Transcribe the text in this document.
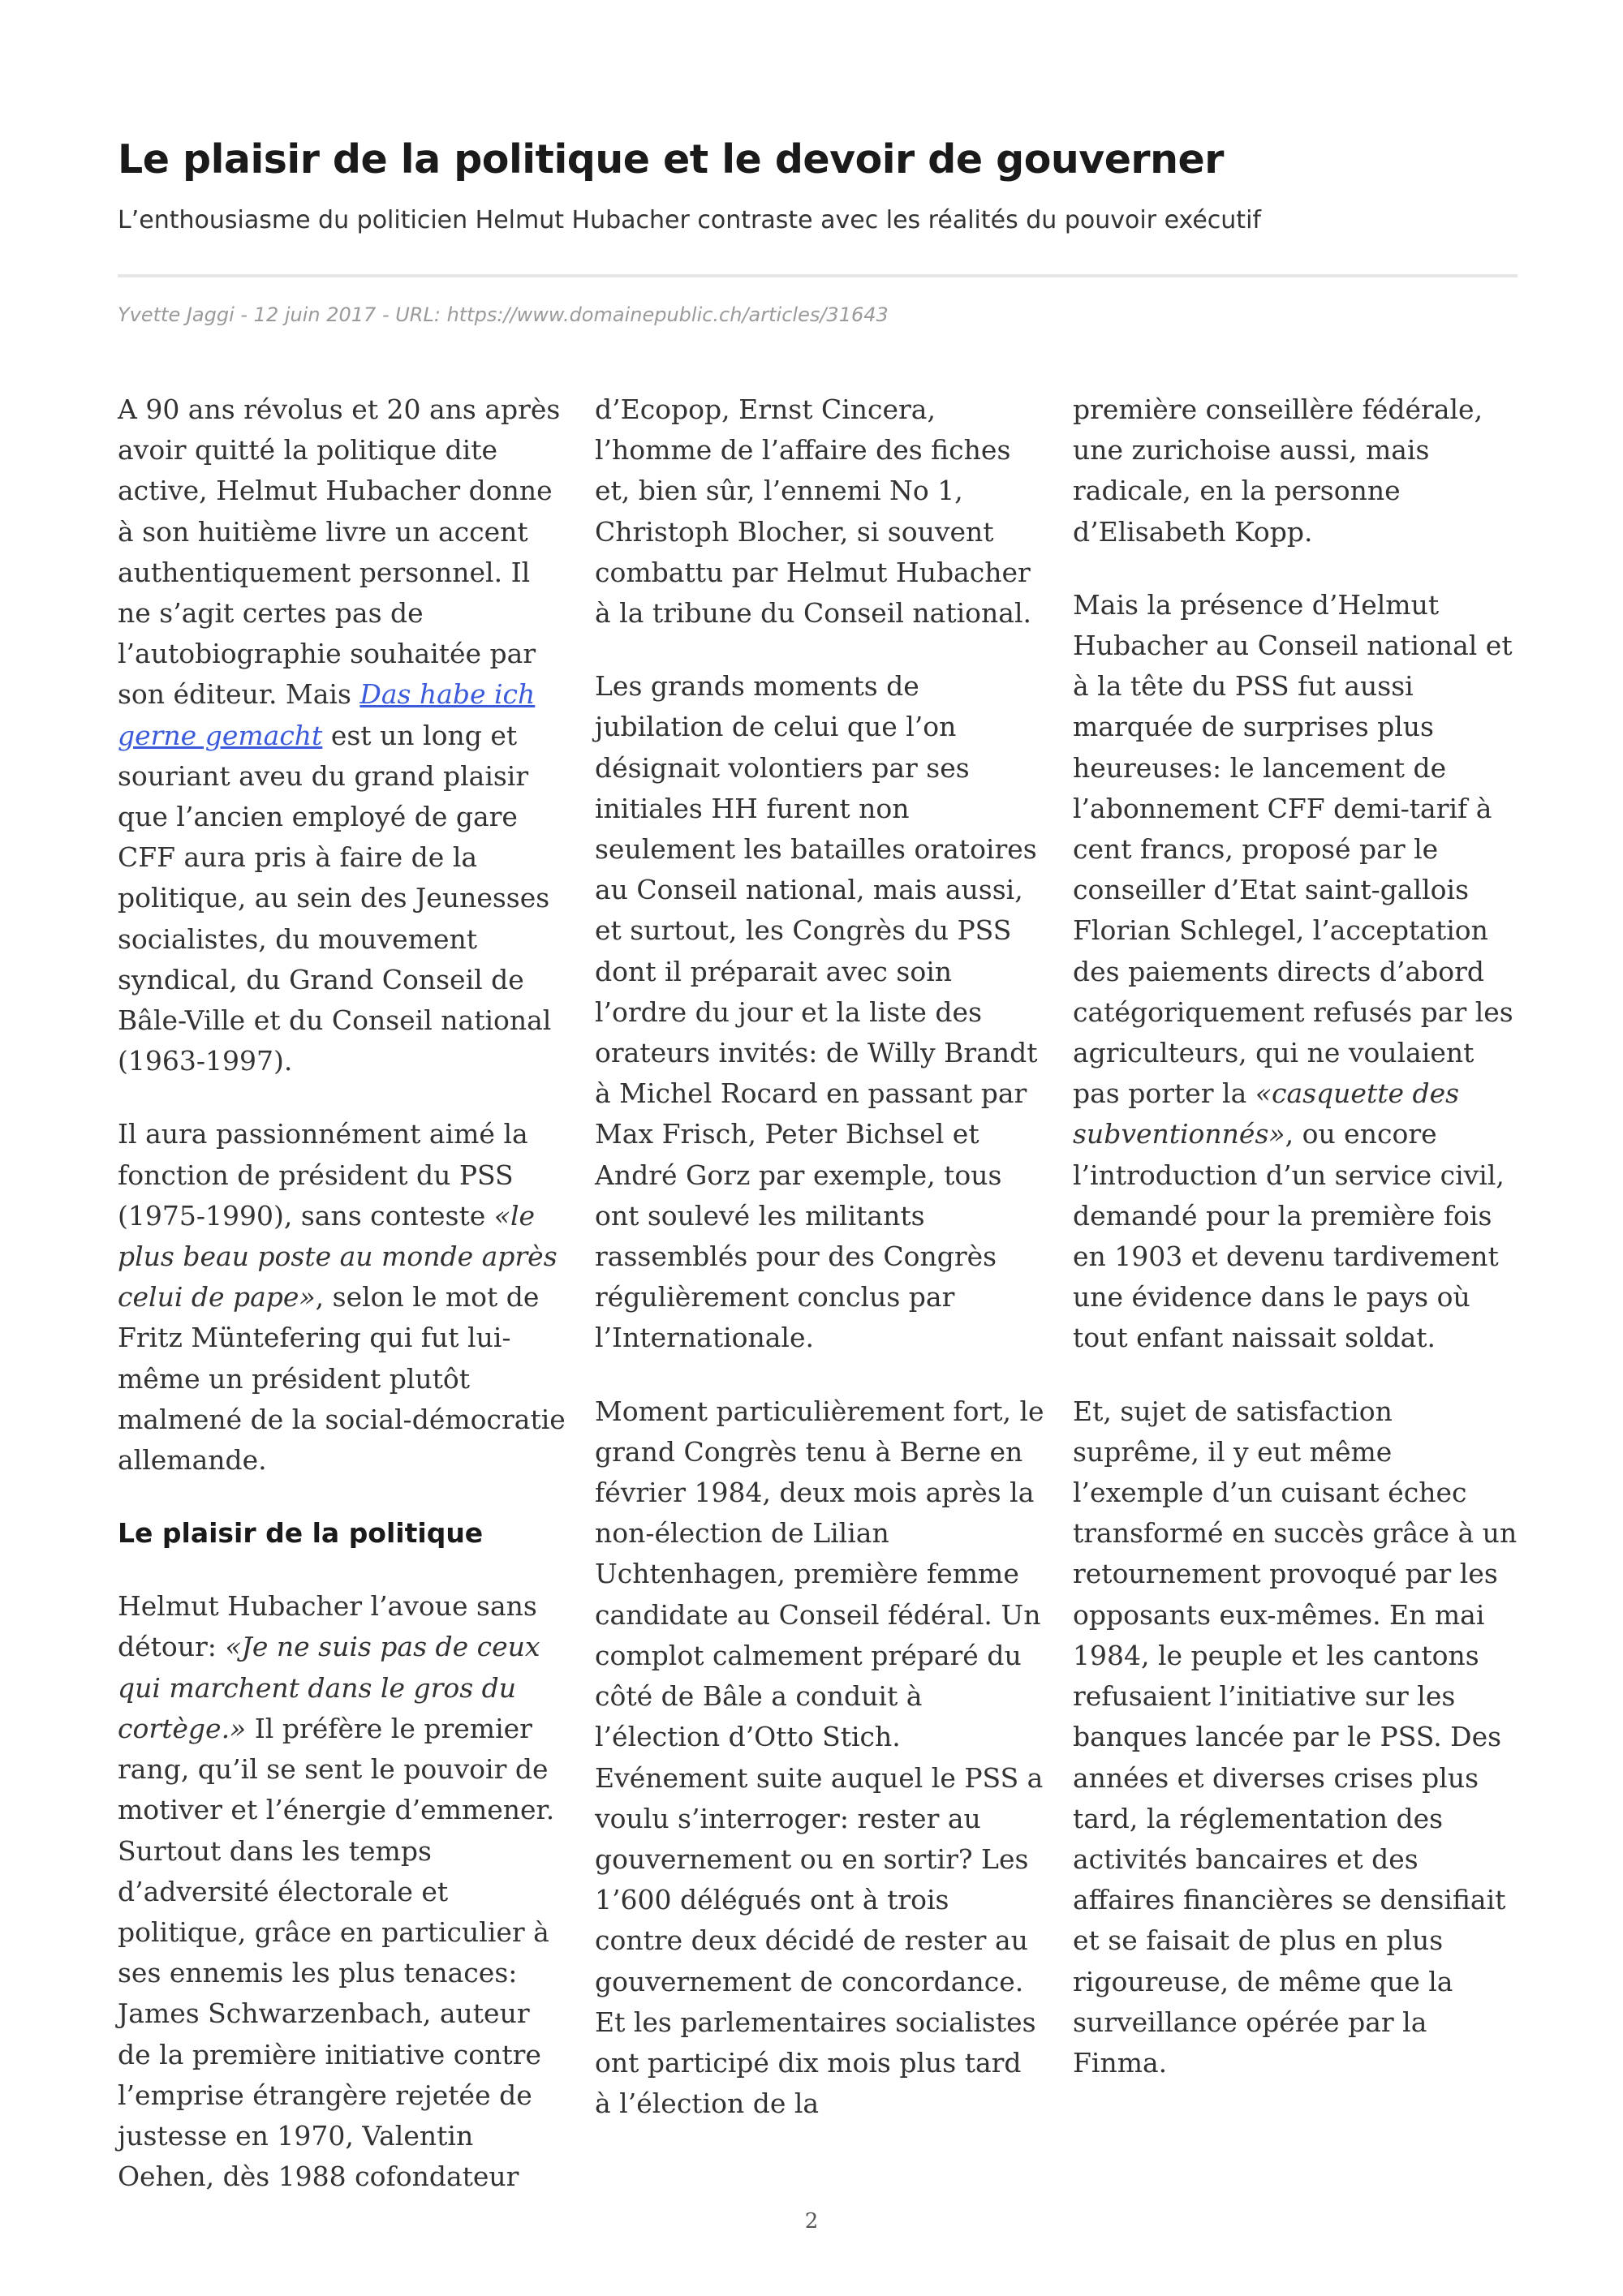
Le plaisir de la politique et le devoir de gouverner

L’enthousiasme du politicien Helmut Hubacher contraste avec les réalités du pouvoir exécutif

Yvette Jaggi - 12 juin 2017 - URL: https://www.domainepublic.ch/articles/31643

A 90 ans révolus et 20 ans après avoir quitté la politique dite active, Helmut Hubacher donne à son huitième livre un accent authentiquement personnel. Il ne s’agit certes pas de l’autobiographie souhaitée par son éditeur. Mais Das habe ich gerne gemacht est un long et souriant aveu du grand plaisir que l’ancien employé de gare CFF aura pris à faire de la politique, au sein des Jeunesses socialistes, du mouvement syndical, du Grand Conseil de Bâle-Ville et du Conseil national (1963-1997).

Il aura passionnément aimé la fonction de président du PSS (1975-1990), sans conteste «le plus beau poste au monde après celui de pape», selon le mot de Fritz Müntefering qui fut lui-même un président plutôt malmené de la social-démocratie allemande.

Le plaisir de la politique

Helmut Hubacher l’avoue sans détour: «Je ne suis pas de ceux qui marchent dans le gros du cortège.» Il préfère le premier rang, qu’il se sent le pouvoir de motiver et l’énergie d’emmener. Surtout dans les temps d’adversité électorale et politique, grâce en particulier à ses ennemis les plus tenaces: James Schwarzenbach, auteur de la première initiative contre l’emprise étrangère rejetée de justesse en 1970, Valentin Oehen, dès 1988 cofondateur

d’Ecopop, Ernst Cincera, l’homme de l’affaire des fiches et, bien sûr, l’ennemi No 1, Christoph Blocher, si souvent combattu par Helmut Hubacher à la tribune du Conseil national.

Les grands moments de jubilation de celui que l’on désignait volontiers par ses initiales HH furent non seulement les batailles oratoires au Conseil national, mais aussi, et surtout, les Congrès du PSS dont il préparait avec soin l’ordre du jour et la liste des orateurs invités: de Willy Brandt à Michel Rocard en passant par Max Frisch, Peter Bichsel et André Gorz par exemple, tous ont soulevé les militants rassemblés pour des Congrès régulièrement conclus par l’Internationale.

Moment particulièrement fort, le grand Congrès tenu à Berne en février 1984, deux mois après la non-élection de Lilian Uchtenhagen, première femme candidate au Conseil fédéral. Un complot calmement préparé du côté de Bâle a conduit à l’élection d’Otto Stich. Evénement suite auquel le PSS a voulu s’interroger: rester au gouvernement ou en sortir? Les 1’600 délégués ont à trois contre deux décidé de rester au gouvernement de concordance. Et les parlementaires socialistes ont participé dix mois plus tard à l’élection de la

première conseillère fédérale, une zurichoise aussi, mais radicale, en la personne d’Elisabeth Kopp.

Mais la présence d’Helmut Hubacher au Conseil national et à la tête du PSS fut aussi marquée de surprises plus heureuses: le lancement de l’abonnement CFF demi-tarif à cent francs, proposé par le conseiller d’Etat saint-gallois Florian Schlegel, l’acceptation des paiements directs d’abord catégoriquement refusés par les agriculteurs, qui ne voulaient pas porter la «casquette des subventionnés», ou encore l’introduction d’un service civil, demandé pour la première fois en 1903 et devenu tardivement une évidence dans le pays où tout enfant naissait soldat.

Et, sujet de satisfaction suprême, il y eut même l’exemple d’un cuisant échec transformé en succès grâce à un retournement provoqué par les opposants eux-mêmes. En mai 1984, le peuple et les cantons refusaient l’initiative sur les banques lancée par le PSS. Des années et diverses crises plus tard, la réglementation des activités bancaires et des affaires financières se densifiait et se faisait de plus en plus rigoureuse, de même que la surveillance opérée par la Finma.

2
